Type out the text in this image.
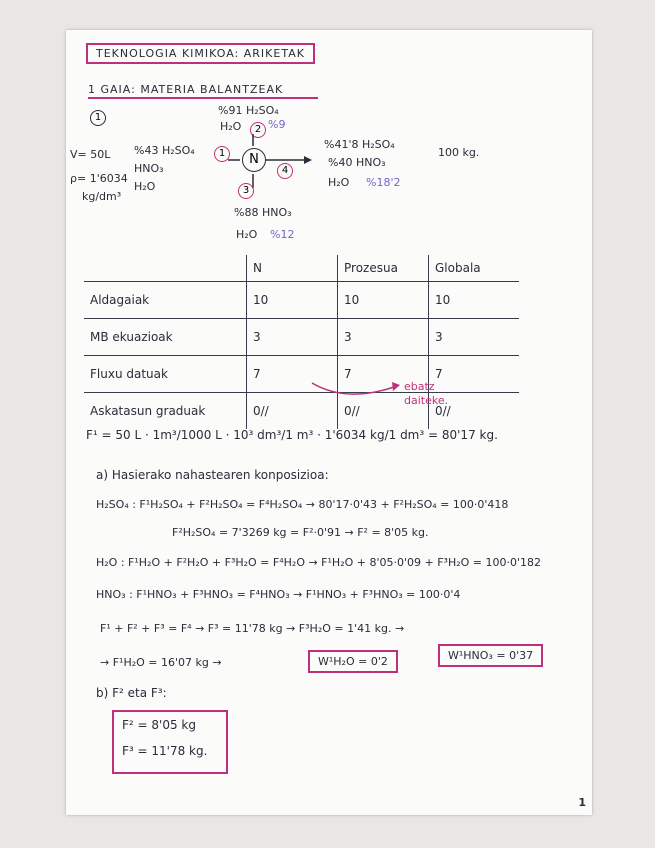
TEKNOLOGIA KIMIKOA: ARIKETAK
1 GAIA: MATERIA BALANTZEAK
1
%91 H₂SO₄
H₂O	2 %9
V= 50L %43 H₂SO₄	1
HNO₃
ρ= 1'6034
H₂O
kg/dm³
N
4
3
%41'8 H₂SO₄
100 kg.
%40 HNO₃
H₂O %18'2
%88 HNO₃
H₂O %12
	N	Prozesua	Globala
Aldagaiak	10	10	10
MB ekuazioak	3	3	3
Fluxu datuak	7	7	7
Askatasun graduak	0//	0//	0//
ebatz daiteke.
F¹ = 50 L · 1m³/1000 L · 10³ dm³/1 m³ · 1'6034 kg/1 dm³ = 80'17 kg.
a) Hasierako nahastearen konposizioa:
H₂SO₄ : F¹H₂SO₄ + F²H₂SO₄ = F⁴H₂SO₄ → 80'17·0'43 + F²H₂SO₄ = 100·0'418
F²H₂SO₄ = 7'3269 kg = F²·0'91 → F² = 8'05 kg.
H₂O : F¹H₂O + F²H₂O + F³H₂O = F⁴H₂O → F¹H₂O + 8'05·0'09 + F³H₂O = 100·0'182
HNO₃ : F¹HNO₃ + F³HNO₃ = F⁴HNO₃ → F¹HNO₃ + F³HNO₃ = 100·0'4
F¹ + F² + F³ = F⁴ → F³ = 11'78 kg → F³H₂O = 1'41 kg. →
→ F¹H₂O = 16'07 kg →	W¹H₂O = 0'2	W¹HNO₃ = 0'37
b) F² eta F³:
F² = 8'05 kg
F³ = 11'78 kg.
1
